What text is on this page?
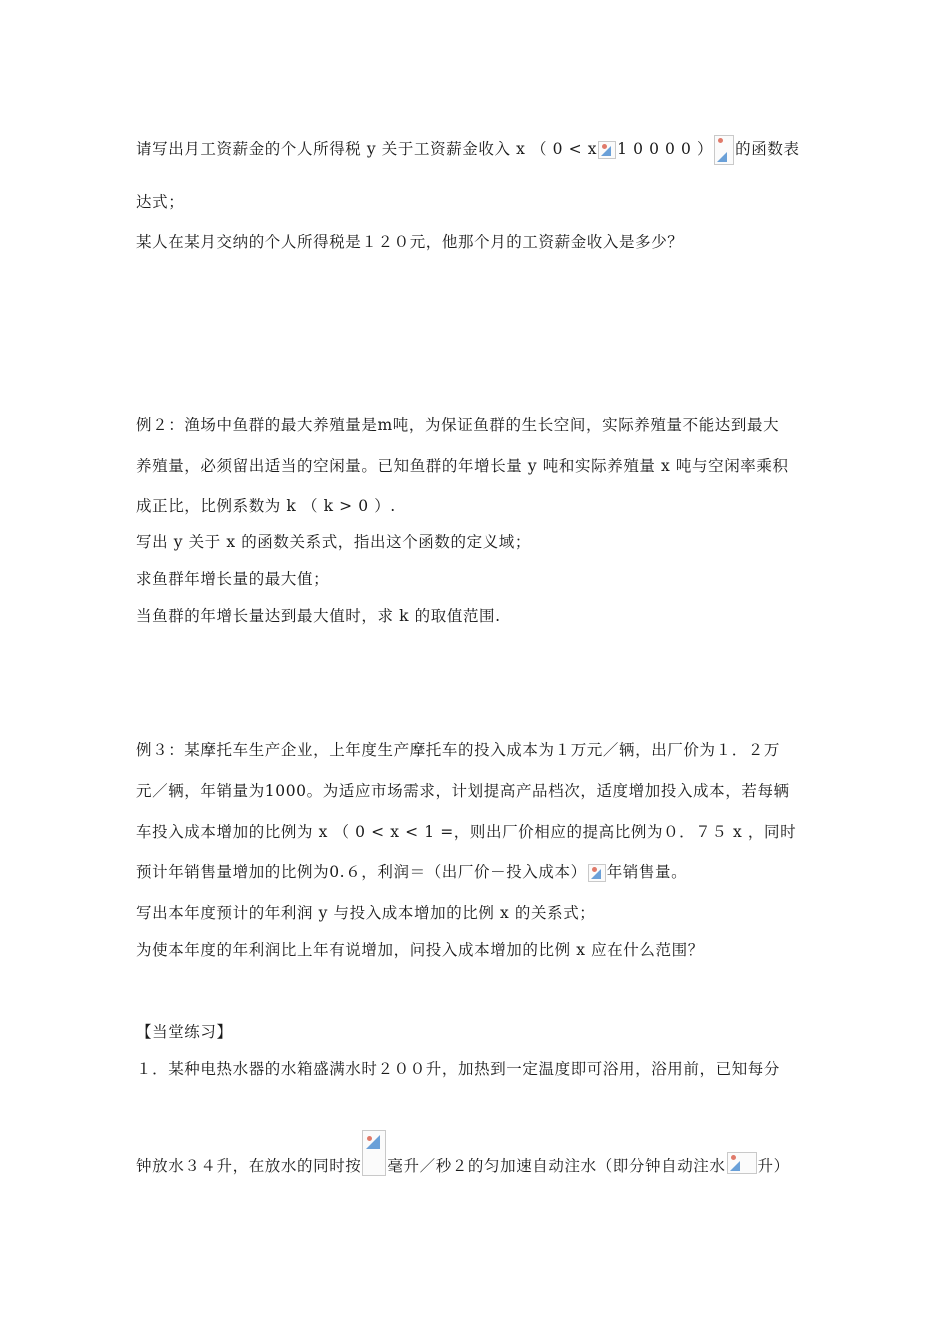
请写出月工资薪金的个人所得税 y 关于工资薪金收入 x （ 0 < x 1 0 0 0 0 ） 的函数表
达式；
某人在某月交纳的个人所得税是１２０元，他那个月的工资薪金收入是多少？
例２：渔场中鱼群的最大养殖量是m吨，为保证鱼群的生长空间，实际养殖量不能达到最大
养殖量，必须留出适当的空闲量。已知鱼群的年增长量 y 吨和实际养殖量 x 吨与空闲率乘积
成正比，比例系数为 k （ k > 0 ）.
写出 y 关于 x 的函数关系式，指出这个函数的定义域；
求鱼群年增长量的最大值；
当鱼群的年增长量达到最大值时，求 k 的取值范围.
例３：某摩托车生产企业，上年度生产摩托车的投入成本为１万元／辆，出厂价为１．２万
元／辆，年销量为1000。为适应市场需求，计划提高产品档次，适度增加投入成本，若每辆
车投入成本增加的比例为 x （ 0 < x < 1 =，则出厂价相应的提高比例为０．７５ x ，同时
预计年销售量增加的比例为0.６，利润＝（出厂价－投入成本） 年销售量。
写出本年度预计的年利润 y 与投入成本增加的比例 x 的关系式；
为使本年度的年利润比上年有说增加，问投入成本增加的比例 x 应在什么范围？
【当堂练习】
１．某种电热水器的水箱盛满水时２００升，加热到一定温度即可浴用，浴用前，已知每分
钟放水３４升，在放水的同时按 毫升／秒２的匀加速自动注水（即分钟自动注水 升）
